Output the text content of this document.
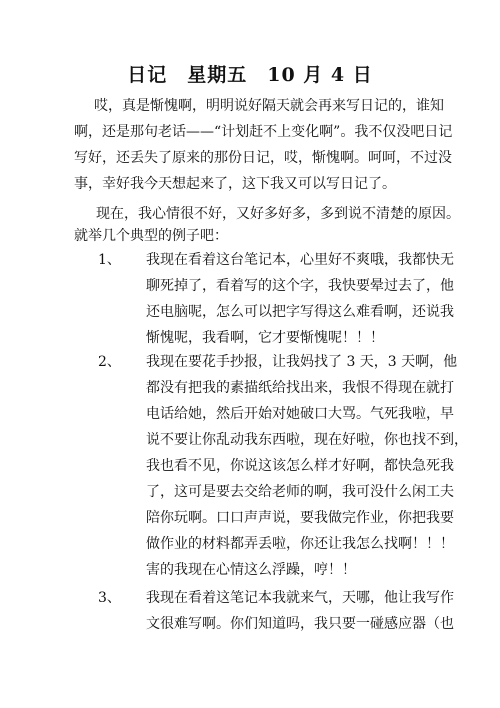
日记　星期五　10 月 4 日
哎，真是惭愧啊，明明说好隔天就会再来写日记的，谁知
啊，还是那句老话——“计划赶不上变化啊”。我不仅没吧日记
写好，还丢失了原来的那份日记，哎，惭愧啊。呵呵，不过没
事，幸好我今天想起来了，这下我又可以写日记了。
现在，我心情很不好，又好多好多，多到说不清楚的原因。
就举几个典型的例子吧：
1、 我现在看着这台笔记本，心里好不爽哦，我都快无
聊死掉了，看着写的这个字，我快要晕过去了，他
还电脑呢，怎么可以把字写得这么难看啊，还说我
惭愧呢，我看啊，它才要惭愧呢！！！
2、 我现在要花手抄报，让我妈找了 3 天，3 天啊，他
都没有把我的素描纸给找出来，我恨不得现在就打
电话给她，然后开始对她破口大骂。气死我啦，早
说不要让你乱动我东西啦，现在好啦，你也找不到，
我也看不见，你说这该怎么样才好啊，都快急死我
了，这可是要去交给老师的啊，我可没什么闲工夫
陪你玩啊。口口声声说，要我做完作业，你把我要
做作业的材料都弄丢啦，你还让我怎么找啊！！！
害的我现在心情这么浮躁，哼！！
3、 我现在看着这笔记本我就来气，天哪，他让我写作
文很难写啊。你们知道吗，我只要一碰感应器（也
